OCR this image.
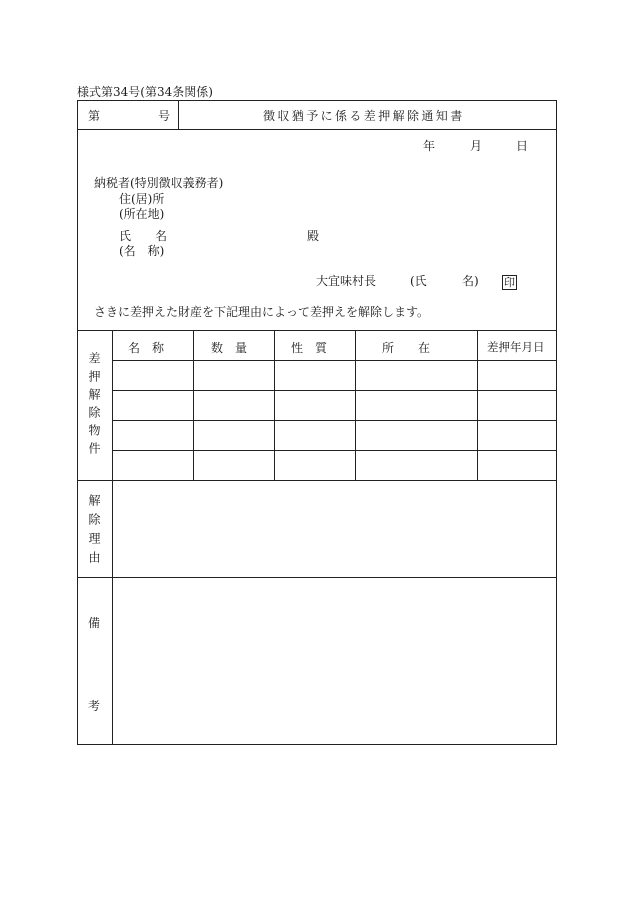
様式第34号(第34条関係)
第	号	徴収猶予に係る差押解除通知書
年	月	日
納税者(特別徴収義務者)
住(居)所
(所在地)
氏　　名
(名　称)
殿
大宜味村長	(氏	名) 印
さきに差押えた財産を下記理由によって差押えを解除します。
差押解除物件
名　称	数　量	性　質	所　　在	差押年月日
解除理由
備
考
